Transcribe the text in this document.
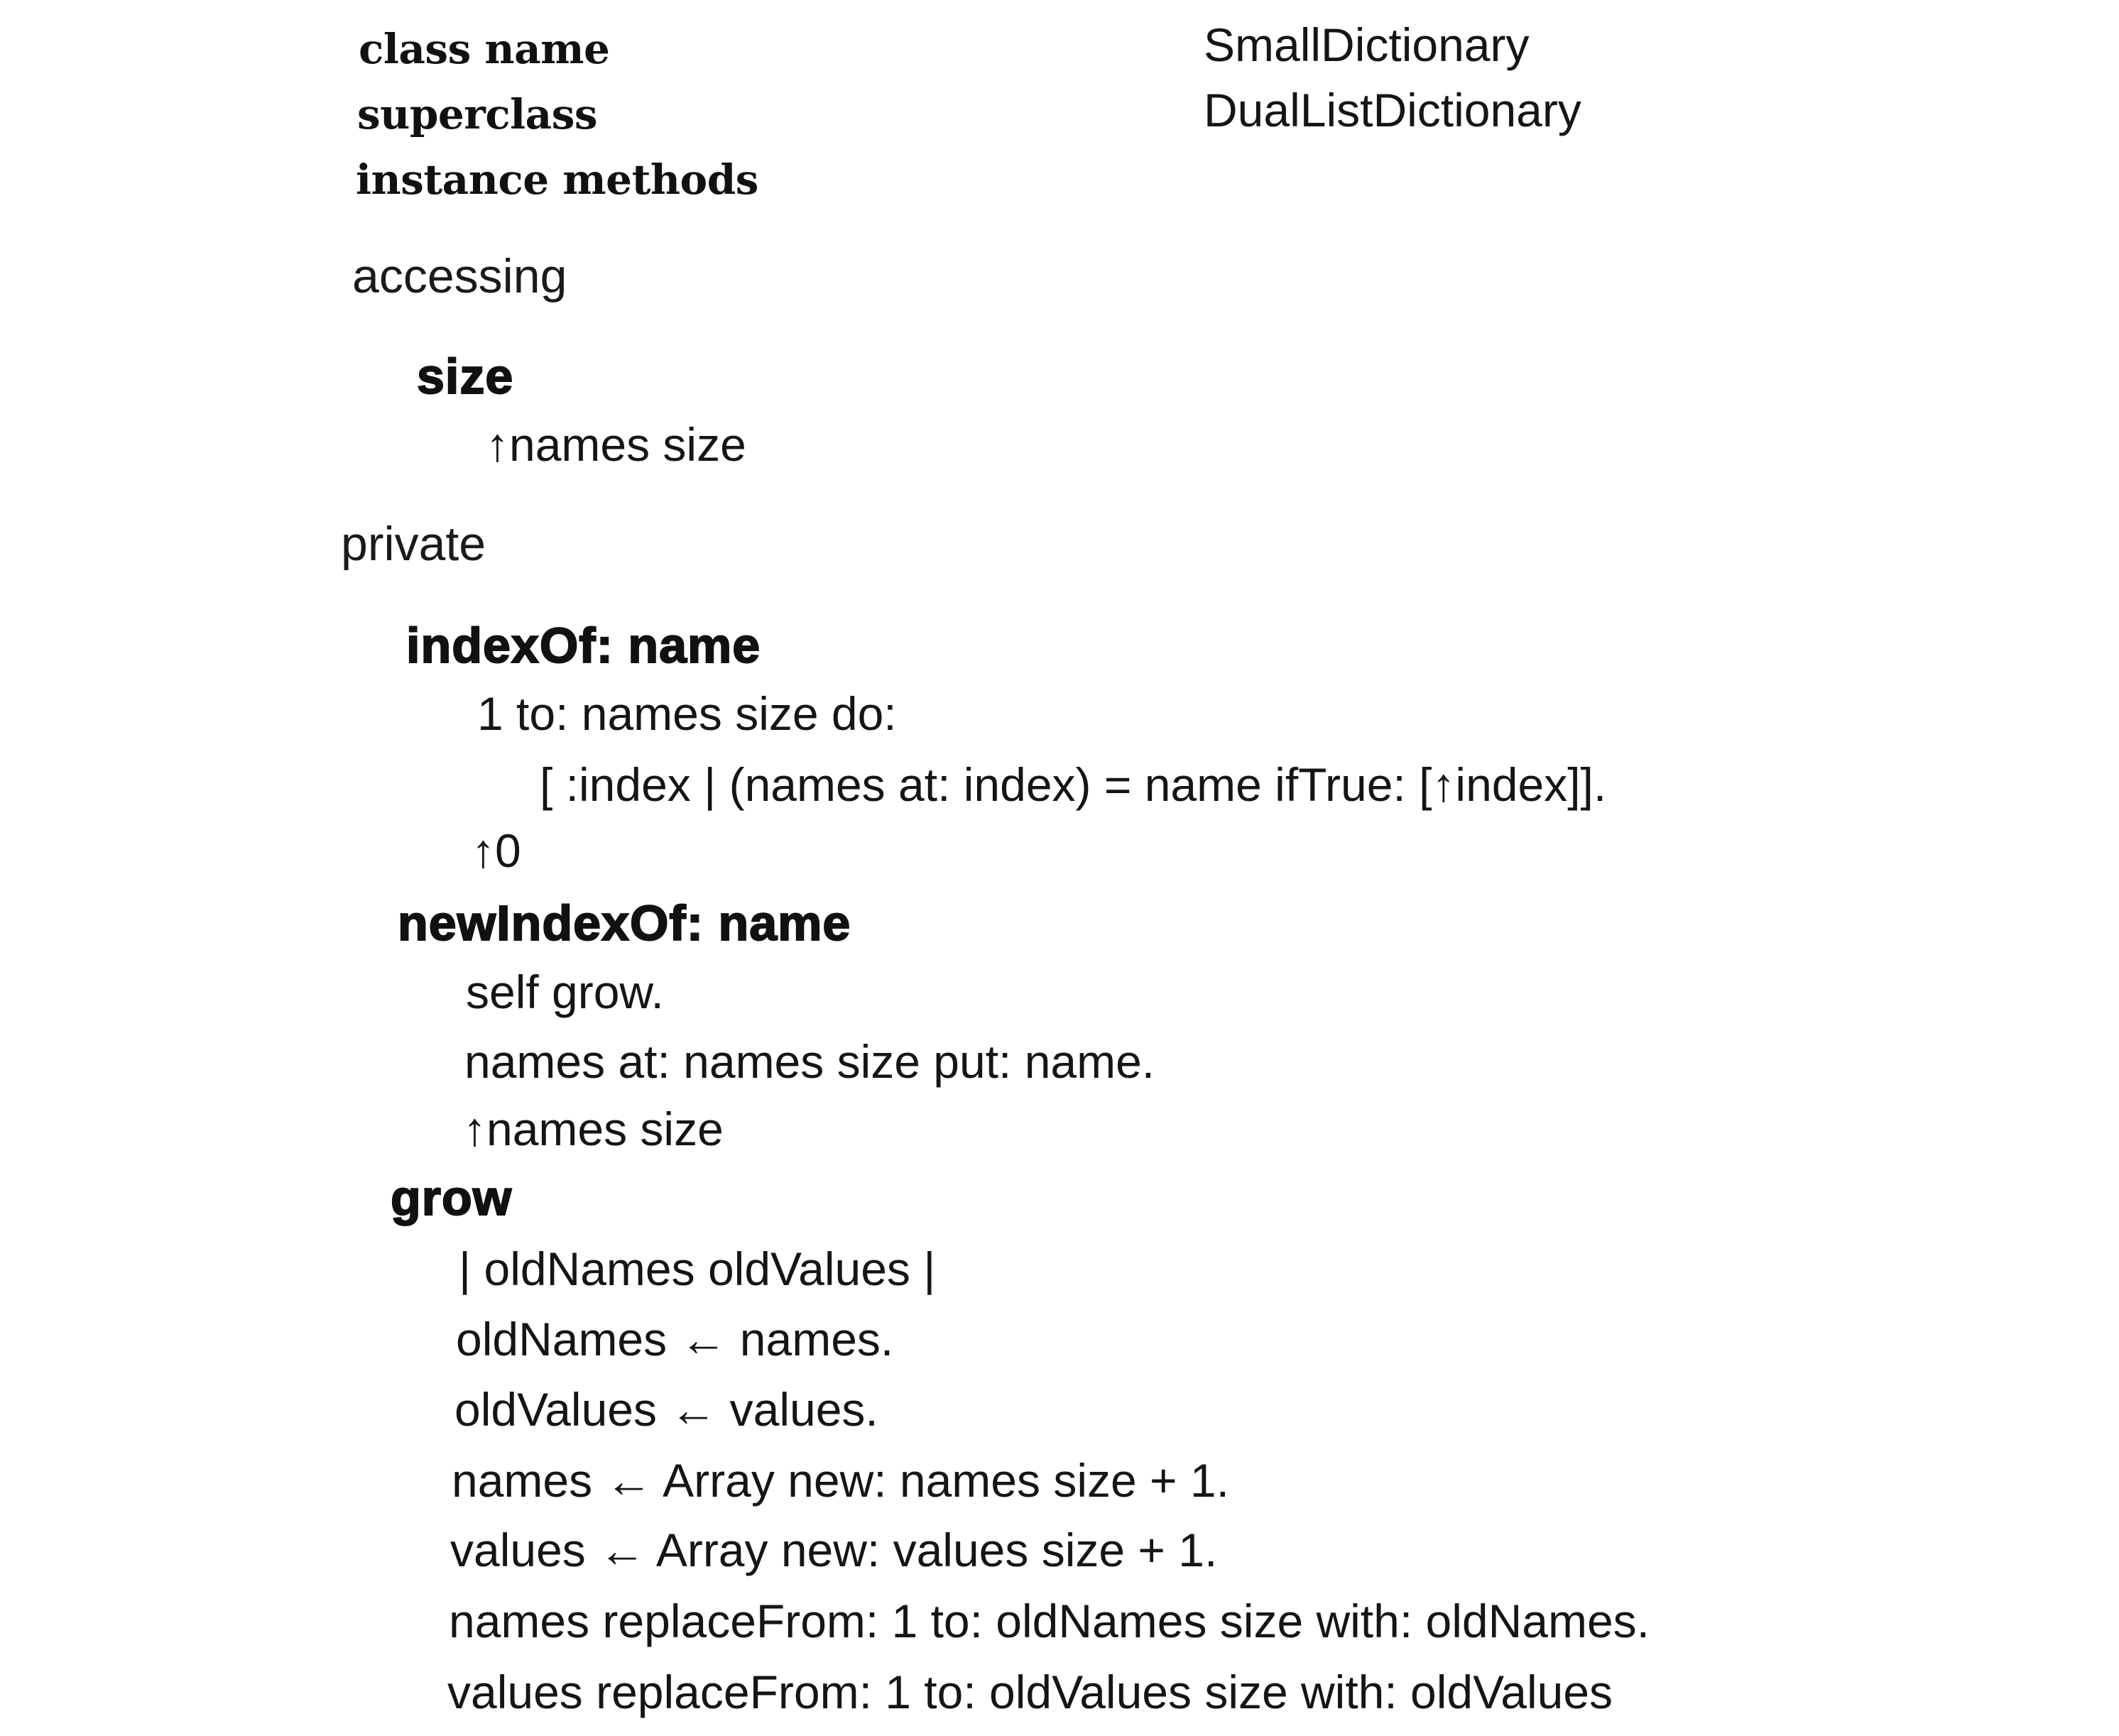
class name	SmallDictionary
superclass	DualListDictionary
instance methods
accessing
size
↑names size
private
indexOf: name
1 to: names size do:
[ :index | (names at: index) = name ifTrue: [↑index]].
↑0
newIndexOf: name
self grow.
names at: names size put: name.
↑names size
grow
| oldNames oldValues |
oldNames ← names.
oldValues ← values.
names ← Array new: names size + 1.
values ← Array new: values size + 1.
names replaceFrom: 1 to: oldNames size with: oldNames.
values replaceFrom: 1 to: oldValues size with: oldValues
